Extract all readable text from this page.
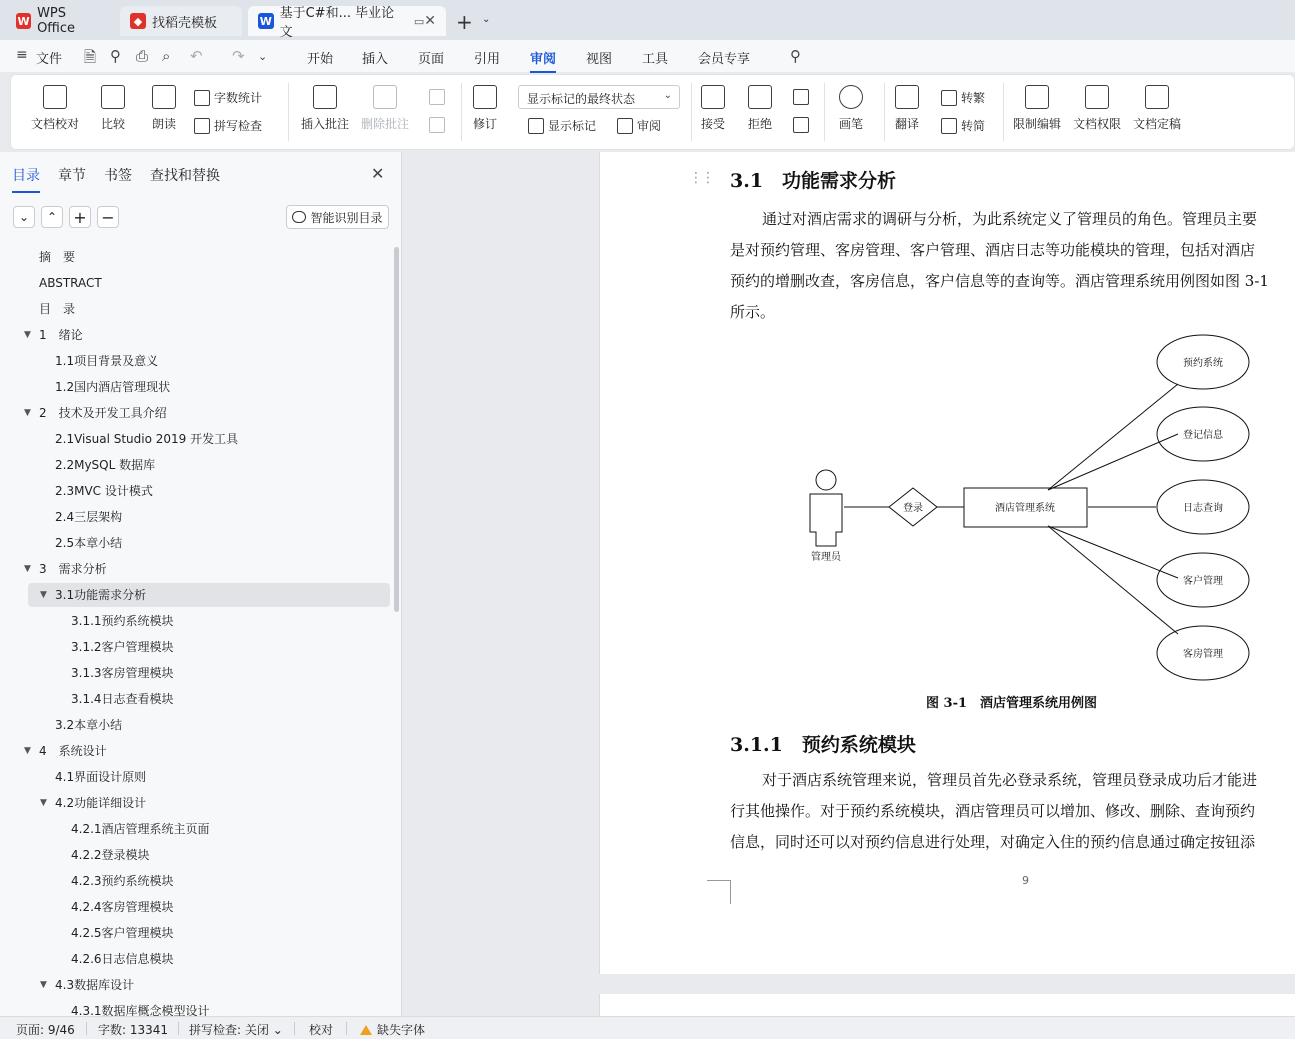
W WPS Office	◆ 找稻壳模板	W 基于C#和... 毕业论文
▭ ✕ + ⌄
≡ 文件 🗎 ⚲ ⎙ ⌕ ↶ ↷ ⌄	开始 插入 页面 引用 审阅 视图 工具 会员专享	⚲
文档校对 比较 朗读
字数统计
拼写检查	插入批注 删除批注	修订
显示标记的最终状态	⌄
显示标记	审阅	接受 拒绝	画笔	翻译
转繁
转简 限制编辑 文档权限 文档定稿
目录 章节 书签 查找和替换	✕
⌄	⌃	+ −	智能识别目录
摘　要
ABSTRACT
目　录
▼ 1　绪论
1.1项目背景及意义
1.2国内酒店管理现状
▼ 2　技术及开发工具介绍
2.1Visual Studio 2019 开发工具
2.2MySQL 数据库
2.3MVC 设计模式
2.4三层架构
2.5本章小结
▼ 3　需求分析
▼ 3.1功能需求分析
3.1.1预约系统模块
3.1.2客户管理模块
3.1.3客房管理模块
3.1.4日志查看模块
3.2本章小结
▼ 4　系统设计
4.1界面设计原则
▼ 4.2功能详细设计
4.2.1酒店管理系统主页面
4.2.2登录模块
4.2.3预约系统模块
4.2.4客房管理模块
4.2.5客户管理模块
4.2.6日志信息模块
▼ 4.3数据库设计
4.3.1数据库概念模型设计
⋮⋮ 3.1　功能需求分析
通过对酒店需求的调研与分析，为此系统定义了管理员的角色。管理员主要
是对预约管理、客房管理、客户管理、酒店日志等功能模块的管理，包括对酒店
预约的增删改查，客房信息，客户信息等的查询等。酒店管理系统用例图如图 3-1
所示。
管理员
登录	酒店管理系统
预约系统
登记信息
日志查询
客户管理
客房管理
图 3-1　酒店管理系统用例图
3.1.1　预约系统模块
对于酒店系统管理来说，管理员首先必登录系统，管理员登录成功后才能进
行其他操作。对于预约系统模块，酒店管理员可以增加、修改、删除、查询预约
信息，同时还可以对预约信息进行处理，对确定入住的预约信息通过确定按钮添
9
页面: 9/46 字数: 13341 拼写检查: 关闭 ⌄ 校对	缺失字体
